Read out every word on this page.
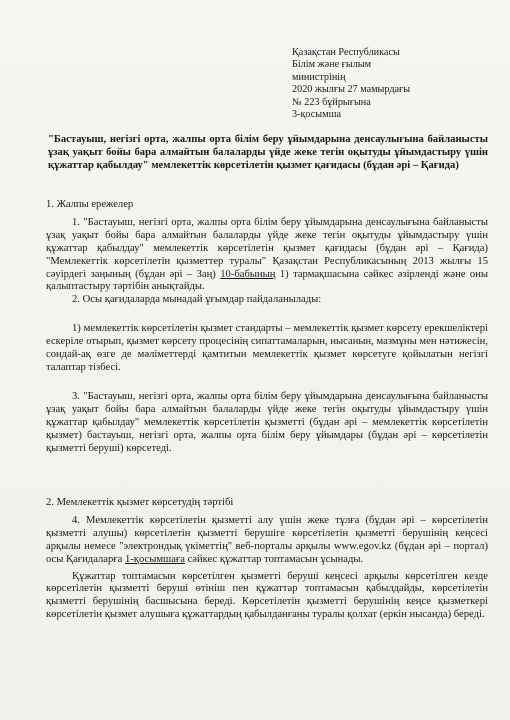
Қазақстан Республикасы
Білім және ғылым
министрінің
2020 жылғы 27 мамырдағы
№ 223 бұйрығына
3-қосымша
"Бастауыш, негізгі орта, жалпы орта білім беру ұйымдарына денсаулығына байланысты ұзақ уақыт бойы бара алмайтын балаларды үйде жеке тегін оқытуды ұйымдастыру үшін құжаттар қабылдау" мемлекеттік көрсетілетін қызмет қағидасы (бұдан әрі – Қағида)

1. Жалпы ережелер

1. "Бастауыш, негізгі орта, жалпы орта білім беру ұйымдарына денсаулығына байланысты ұзақ уақыт бойы бара алмайтын балаларды үйде жеке тегін оқытуды ұйымдастыру үшін құжаттар қабылдау" мемлекеттік көрсетілетін қызмет қағидасы (бұдан әрі – Қағида) "Мемлекеттік көрсетілетін қызметтер туралы" Қазақстан Республикасының 2013 жылғы 15 сәуірдегі заңының (бұдан әрі – Заң) 10-бабының 1) тармақшасына сәйкес әзірленді және оны қалыптастыру тәртібін анықтайды.

2. Осы қағидаларда мынадай ұғымдар пайдаланылады:

1) мемлекеттік көрсетілетін қызмет стандарты – мемлекеттік қызмет көрсету ерекшеліктері ескеріле отырып, қызмет көрсету процесінің сипаттамаларын, нысанын, мазмұны мен нәтижесін, сондай-ақ өзге де мәліметтерді қамтитын мемлекеттік қызмет көрсетуге қойылатын негізгі талаптар тізбесі.

3. "Бастауыш, негізгі орта, жалпы орта білім беру ұйымдарына денсаулығына байланысты ұзақ уақыт бойы бара алмайтын балаларды үйде жеке тегін оқытуды ұйымдастыру үшін құжаттар қабылдау" мемлекеттік көрсетілетін қызметті (бұдан әрі – мемлекеттік көрсетілетін қызмет) бастауыш, негізгі орта, жалпы орта білім беру ұйымдары (бұдан әрі – көрсетілетін қызметті беруші) көрсетеді.

2. Мемлекеттік қызмет көрсетудің тәртібі

4. Мемлекеттік көрсетілетін қызметті алу үшін жеке тұлға (бұдан әрі – көрсетілетін қызметті алушы) көрсетілетін қызметті берушіге көрсетілетін қызметті берушінің кеңсесі арқылы немесе "электрондық үкіметтің" веб-порталы арқылы www.egov.kz (бұдан әрі – портал) осы Қағидаларға 1-қосымшаға сәйкес құжаттар топтамасын ұсынады.

Құжаттар топтамасын көрсетілген қызметті беруші кеңсесі арқылы көрсетілген кезде көрсетілетін қызметті беруші өтініш пен құжаттар топтамасын қабылдайды, көрсетілетін қызметті берушінің басшысына береді. Көрсетілетін қызметті берушінің кеңсе қызметкері көрсетілетін қызмет алушыға құжаттардың қабылданғаны туралы қолхат (еркін нысанда) береді.
